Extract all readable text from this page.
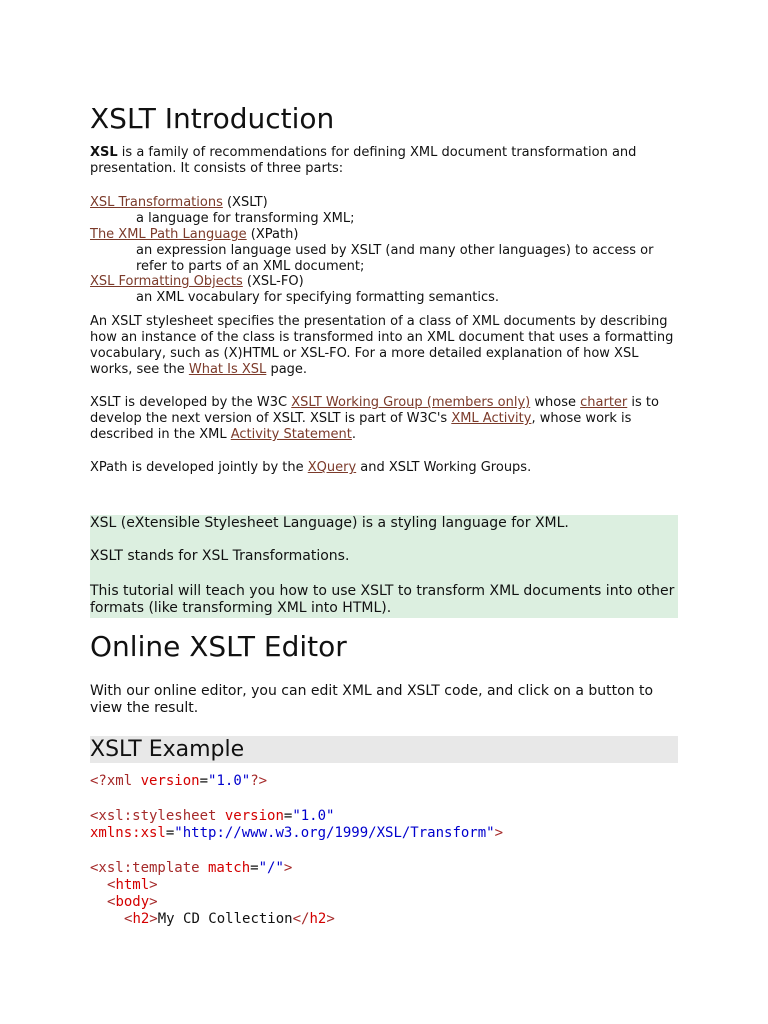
XSLT Introduction

XSL is a family of recommendations for defining XML document transformation and presentation. It consists of three parts:

XSL Transformations (XSLT)
a language for transforming XML;
The XML Path Language (XPath)
an expression language used by XSLT (and many other languages) to access or refer to parts of an XML document;
XSL Formatting Objects (XSL-FO)
an XML vocabulary for specifying formatting semantics.

An XSLT stylesheet specifies the presentation of a class of XML documents by describing how an instance of the class is transformed into an XML document that uses a formatting vocabulary, such as (X)HTML or XSL-FO. For a more detailed explanation of how XSL works, see the What Is XSL page.

XSLT is developed by the W3C XSLT Working Group (members only) whose charter is to develop the next version of XSLT. XSLT is part of W3C's XML Activity, whose work is described in the XML Activity Statement.

XPath is developed jointly by the XQuery and XSLT Working Groups.

XSL (eXtensible Stylesheet Language) is a styling language for XML.

XSLT stands for XSL Transformations.

This tutorial will teach you how to use XSLT to transform XML documents into other formats (like transforming XML into HTML).

Online XSLT Editor

With our online editor, you can edit XML and XSLT code, and click on a button to view the result.

XSLT Example
<?xml version="1.0"?>
<xsl:stylesheet version="1.0"
xmlns:xsl="http://www.w3.org/1999/XSL/Transform">
<xsl:template match="/">
<html>
<body>
<h2>My CD Collection</h2>
